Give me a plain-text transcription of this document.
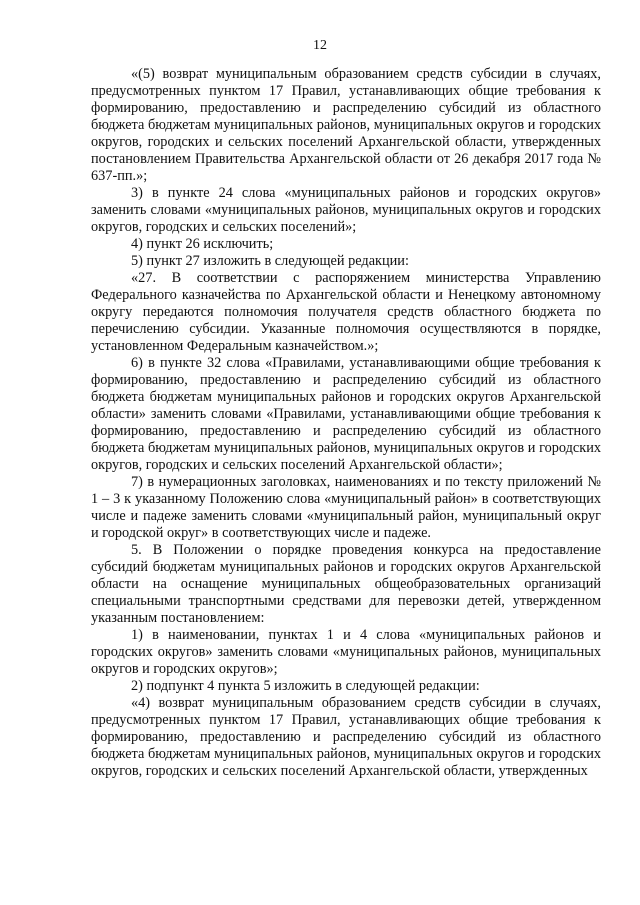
12

«(5) возврат муниципальным образованием средств субсидии в случаях, предусмотренных пунктом 17 Правил, устанавливающих общие требования к формированию, предоставлению и распределению субсидий из областного бюджета бюджетам муниципальных районов, муниципальных округов и городских округов, городских и сельских поселений Архангельской области, утвержденных постановлением Правительства Архангельской области от 26 декабря 2017 года № 637-пп.»;

3) в пункте 24 слова «муниципальных районов и городских округов» заменить словами «муниципальных районов, муниципальных округов и городских округов, городских и сельских поселений»;

4) пункт 26 исключить;

5) пункт 27 изложить в следующей редакции:

«27. В соответствии с распоряжением министерства Управлению Федерального казначейства по Архангельской области и Ненецкому автономному округу передаются полномочия получателя средств областного бюджета по перечислению субсидии. Указанные полномочия осуществляются в порядке, установленном Федеральным казначейством.»;

6) в пункте 32 слова «Правилами, устанавливающими общие требования к формированию, предоставлению и распределению субсидий из областного бюджета бюджетам муниципальных районов и городских округов Архангельской области» заменить словами «Правилами, устанавливающими общие требования к формированию, предоставлению и распределению субсидий из областного бюджета бюджетам муниципальных районов, муниципальных округов и городских округов, городских и сельских поселений Архангельской области»;

7) в нумерационных заголовках, наименованиях и по тексту приложений № 1 – 3 к указанному Положению слова «муниципальный район» в соответствующих числе и падеже заменить словами «муниципальный район, муниципальный округ и городской округ» в соответствующих числе и падеже.

5. В Положении о порядке проведения конкурса на предоставление субсидий бюджетам муниципальных районов и городских округов Архангельской области на оснащение муниципальных общеобразовательных организаций специальными транспортными средствами для перевозки детей, утвержденном указанным постановлением:

1) в наименовании, пунктах 1 и 4 слова «муниципальных районов и городских округов» заменить словами «муниципальных районов, муниципальных округов и городских округов»;

2) подпункт 4 пункта 5 изложить в следующей редакции:

«4) возврат муниципальным образованием средств субсидии в случаях, предусмотренных пунктом 17 Правил, устанавливающих общие требования к формированию, предоставлению и распределению субсидий из областного бюджета бюджетам муниципальных районов, муниципальных округов и городских округов, городских и сельских поселений Архангельской области, утвержденных
